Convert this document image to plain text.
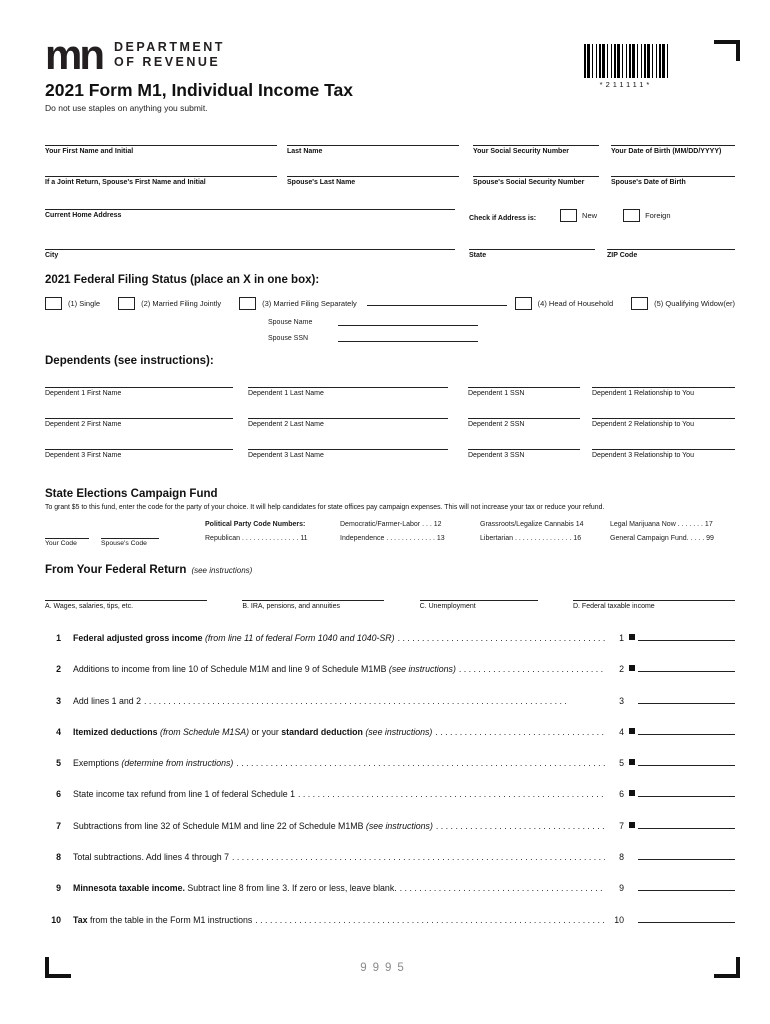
*211111*
mn DEPARTMENT
OF REVENUE
2021 Form M1, Individual Income Tax
Do not use staples on anything you submit.
Your First Name and Initial	Last Name	Your Social Security Number	Your Date of Birth (MM/DD/YYYY)
If a Joint Return, Spouse's First Name and Initial	Spouse's Last Name	Spouse's Social Security Number	Spouse's Date of Birth
Current Home Address	Check if Address is:	New	Foreign
City	State	ZIP Code
2021 Federal Filing Status (place an X in one box):
(1) Single	(2) Married Filing Jointly	(3) Married Filing Separately	(4) Head of Household	(5) Qualifying Widow(er)
Spouse Name
Spouse SSN
Dependents (see instructions):
Dependent 1 First Name	Dependent 1 Last Name	Dependent 1 SSN	Dependent 1 Relationship to You
Dependent 2 First Name	Dependent 2 Last Name	Dependent 2 SSN	Dependent 2 Relationship to You
Dependent 3 First Name	Dependent 3 Last Name	Dependent 3 SSN	Dependent 3 Relationship to You
State Elections Campaign Fund
To grant $5 to this fund, enter the code for the party of your choice. It will help candidates for state offices pay campaign expenses. This will not increase your tax or reduce your refund.
Your Code	Spouse's Code
Political Party Code Numbers:
Republican . . . . . . . . . . . . . . . 11
Democratic/Farmer-Labor . . . 12
Independence . . . . . . . . . . . . . 13
Grassroots/Legalize Cannabis 14
Libertarian . . . . . . . . . . . . . . . 16
Legal Marijuana Now . . . . . . . 17
General Campaign Fund. . . . . 99
From Your Federal Return (see instructions)
A. Wages, salaries, tips, etc.	B. IRA, pensions, and annuities	C. Unemployment	D. Federal taxable income
1	Federal adjusted gross income (from line 11 of federal Form 1040 and 1040-SR) . . .	1
2	Additions to income from line 10 of Schedule M1M and line 9 of Schedule M1MB (see instructions) . . .	2
3	Add lines 1 and 2 . . .	3
4	Itemized deductions (from Schedule M1SA) or your standard deduction (see instructions) . . .	4
5	Exemptions (determine from instructions) . . .	5
6	State income tax refund from line 1 of federal Schedule 1 . . .	6
7	Subtractions from line 32 of Schedule M1M and line 22 of Schedule M1MB (see instructions) . . .	7
8	Total subtractions. Add lines 4 through 7 . . .	8
9	Minnesota taxable income. Subtract line 8 from line 3. If zero or less, leave blank. . . .	9
10	Tax from the table in the Form M1 instructions . . .	10
9995
